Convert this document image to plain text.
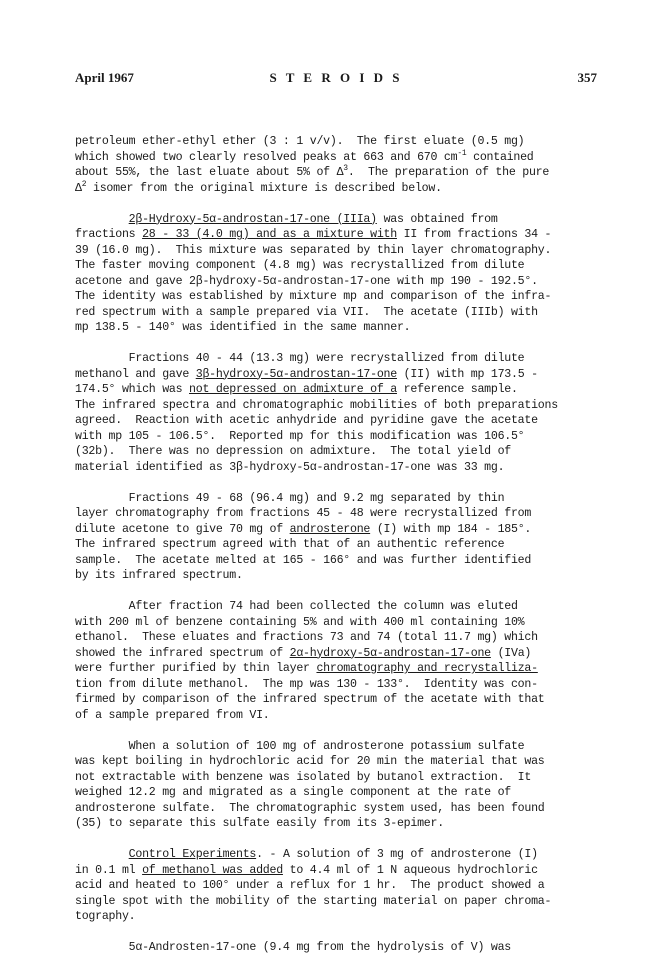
April 1967	S T E R O I D S	357
petroleum ether-ethyl ether (3 : 1 v/v).  The first eluate (0.5 mg)
which showed two clearly resolved peaks at 663 and 670 $cm^{-1}$ contained
about 55%, the last eluate about 5% of $\Delta^3$.  The preparation of the pure
$\Delta^2$ isomer from the original mixture is described below.
2β-Hydroxy-5α-androstan-17-one (IIIa) was obtained from
fractions 28 - 33 (4.0 mg) and as a mixture with II from fractions 34 -
39 (16.0 mg).  This mixture was separated by thin layer chromatography.
The faster moving component (4.8 mg) was recrystallized from dilute
acetone and gave 2β-hydroxy-5α-androstan-17-one with mp 190 - 192.5°.
The identity was established by mixture mp and comparison of the infra-
red spectrum with a sample prepared via VII.  The acetate (IIIb) with
mp 138.5 - 140° was identified in the same manner.
Fractions 40 - 44 (13.3 mg) were recrystallized from dilute
methanol and gave 3β-hydroxy-5α-androstan-17-one (II) with mp 173.5 -
174.5° which was not depressed on admixture of a reference sample.
The infrared spectra and chromatographic mobilities of both preparations
agreed.  Reaction with acetic anhydride and pyridine gave the acetate
with mp 105 - 106.5°.  Reported mp for this modification was 106.5°
(32b).  There was no depression on admixture.  The total yield of
material identified as 3β-hydroxy-5α-androstan-17-one was 33 mg.
Fractions 49 - 68 (96.4 mg) and 9.2 mg separated by thin
layer chromatography from fractions 45 - 48 were recrystallized from
dilute acetone to give 70 mg of androsterone (I) with mp 184 - 185°.
The infrared spectrum agreed with that of an authentic reference
sample.  The acetate melted at 165 - 166° and was further identified
by its infrared spectrum.
After fraction 74 had been collected the column was eluted
with 200 ml of benzene containing 5% and with 400 ml containing 10%
ethanol.  These eluates and fractions 73 and 74 (total 11.7 mg) which
showed the infrared spectrum of 2α-hydroxy-5α-androstan-17-one (IVa)
were further purified by thin layer chromatography and recrystalliza-
tion from dilute methanol.  The mp was 130 - 133°.  Identity was con-
firmed by comparison of the infrared spectrum of the acetate with that
of a sample prepared from VI.
When a solution of 100 mg of androsterone potassium sulfate
was kept boiling in hydrochloric acid for 20 min the material that was
not extractable with benzene was isolated by butanol extraction.  It
weighed 12.2 mg and migrated as a single component at the rate of
androsterone sulfate.  The chromatographic system used, has been found
(35) to separate this sulfate easily from its 3-epimer.
Control Experiments. - A solution of 3 mg of androsterone (I)
in 0.1 ml of methanol was added to 4.4 ml of 1 N aqueous hydrochloric
acid and heated to 100° under a reflux for 1 hr.  The product showed a
single spot with the mobility of the starting material on paper chroma-
tography.
5α-Androsten-17-one (9.4 mg from the hydrolysis of V) was
